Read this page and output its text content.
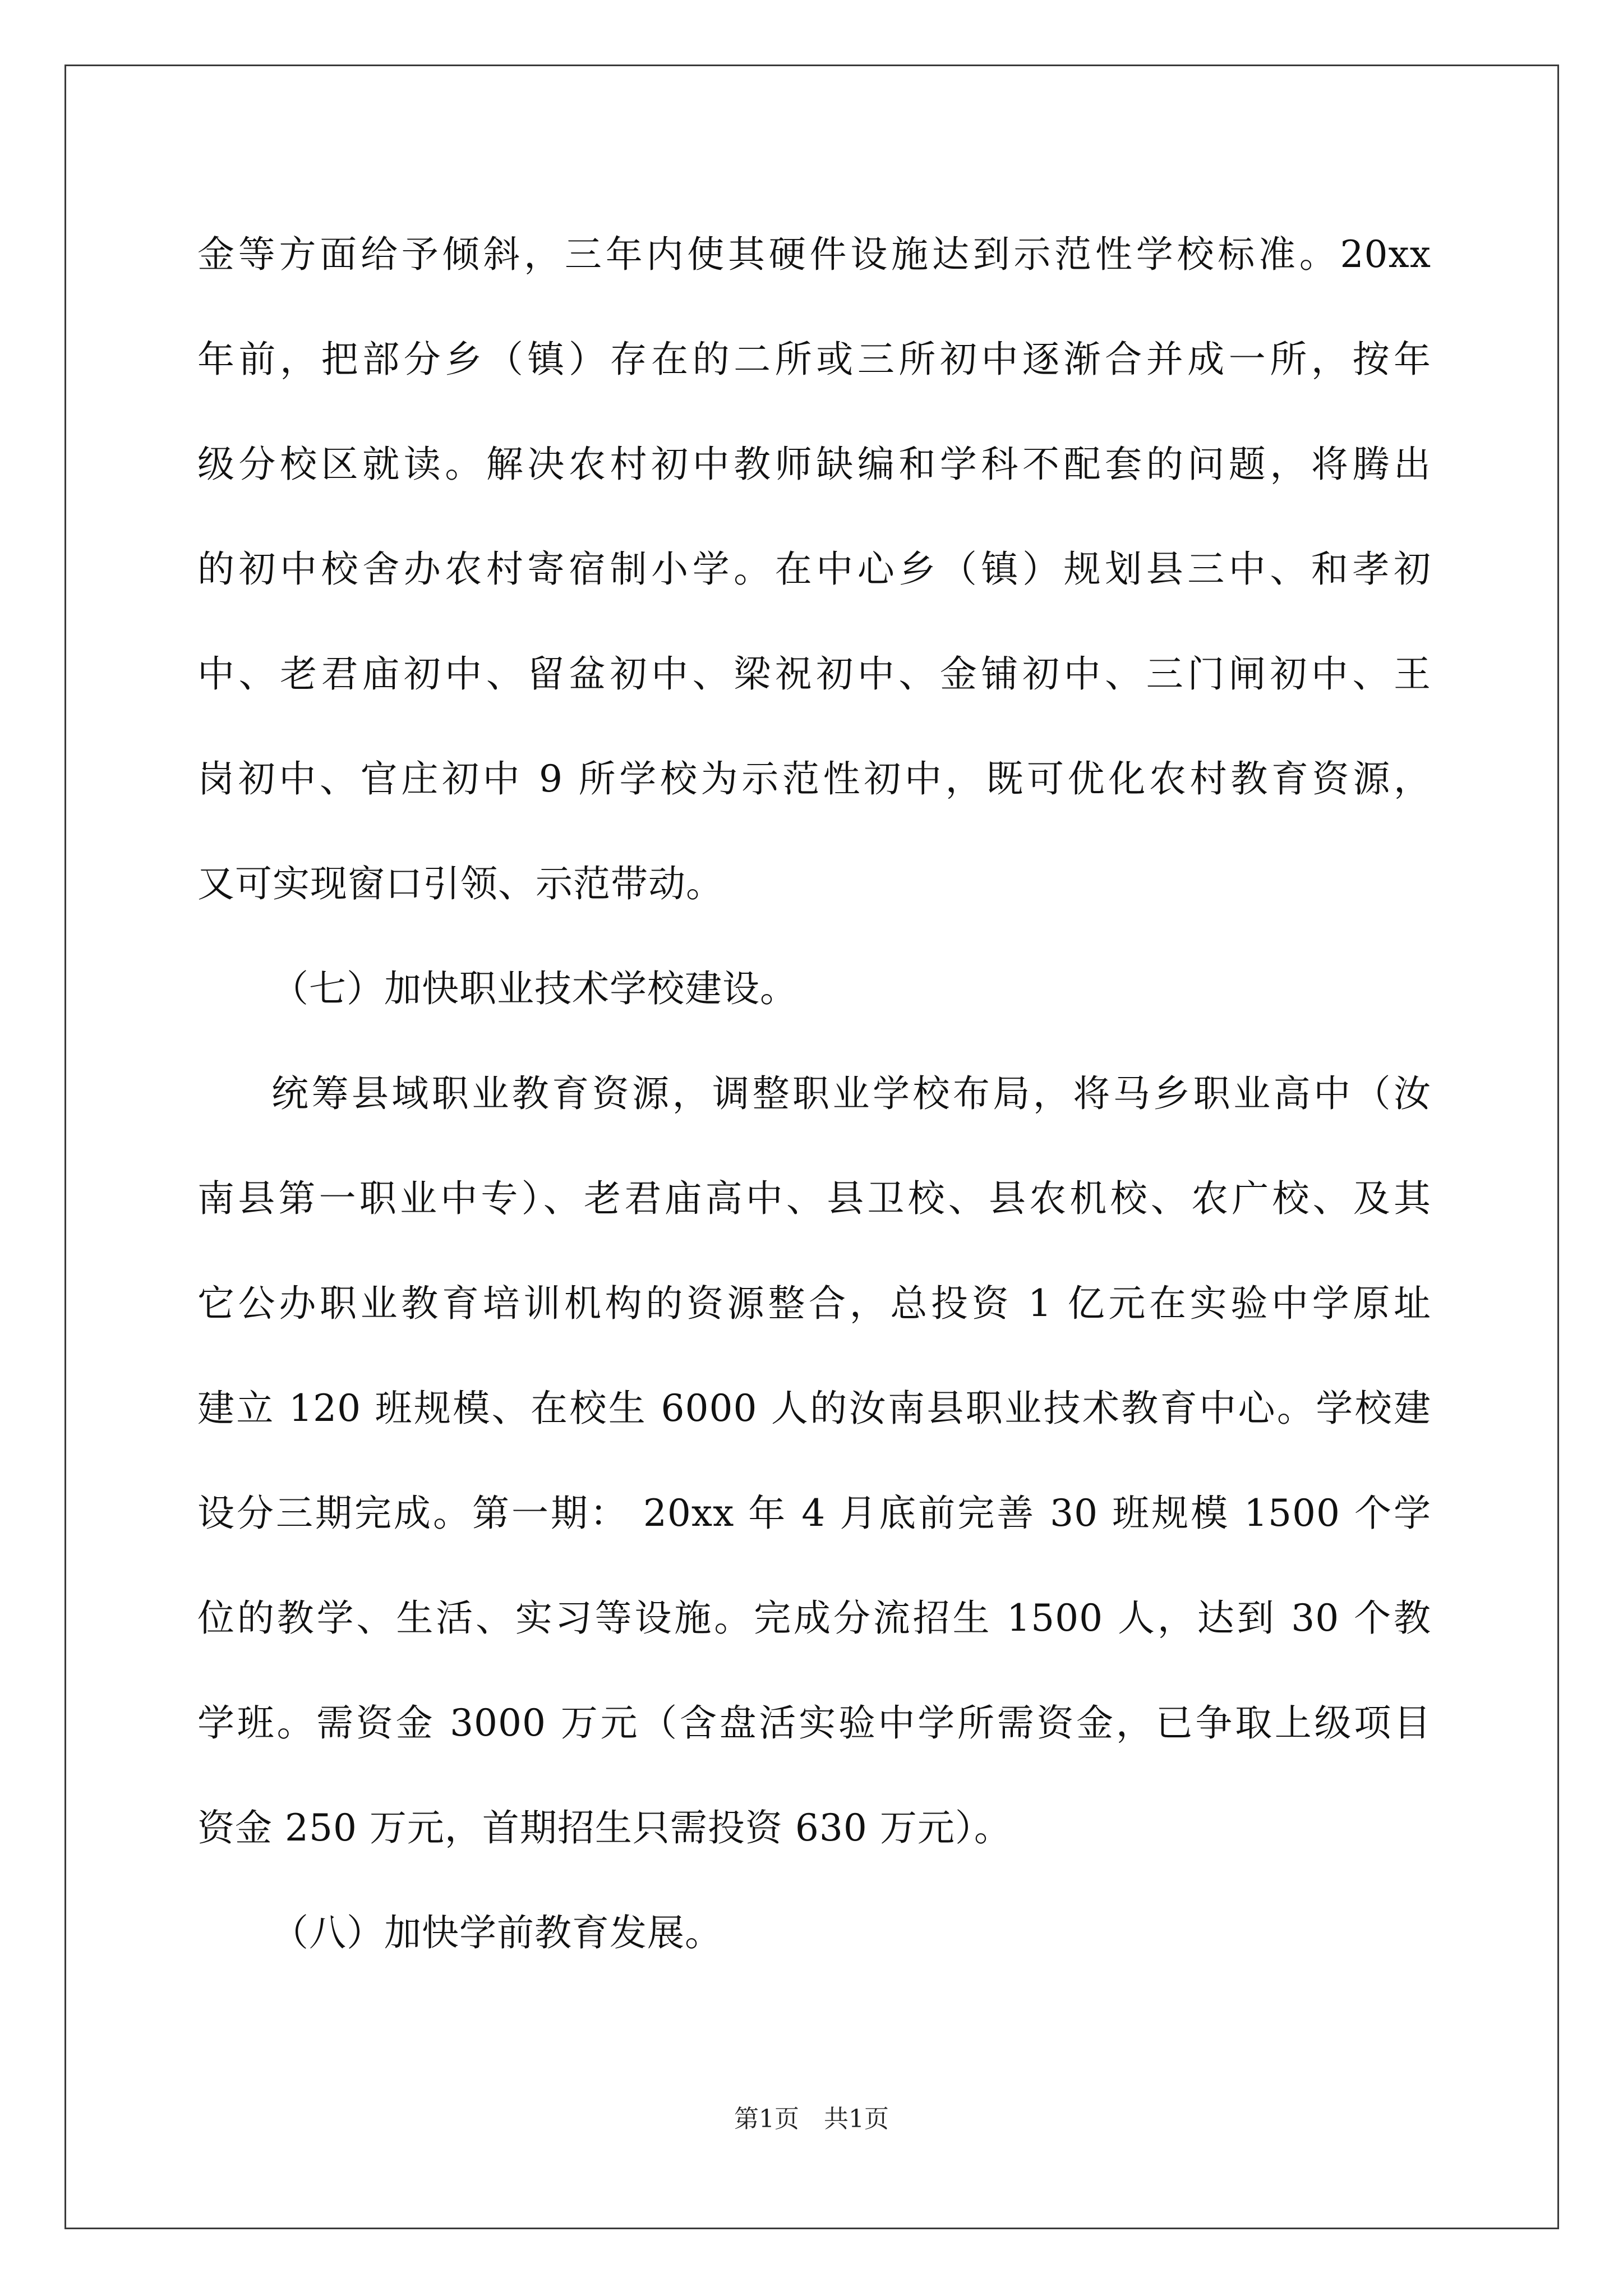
金等方面给予倾斜，三年内使其硬件设施达到示范性学校标准。20xx
年前，把部分乡（镇）存在的二所或三所初中逐渐合并成一所，按年
级分校区就读。解决农村初中教师缺编和学科不配套的问题，将腾出
的初中校舍办农村寄宿制小学。在中心乡（镇）规划县三中、和孝初
中、老君庙初中、留盆初中、梁祝初中、金铺初中、三门闸初中、王
岗初中、官庄初中 9 所学校为示范性初中，既可优化农村教育资源，
又可实现窗口引领、示范带动。
（七）加快职业技术学校建设。
统筹县域职业教育资源，调整职业学校布局，将马乡职业高中（汝
南县第一职业中专）、老君庙高中、县卫校、县农机校、农广校、及其
它公办职业教育培训机构的资源整合，总投资 1 亿元在实验中学原址
建立 120 班规模、在校生 6000 人的汝南县职业技术教育中心。学校建
设分三期完成。第一期： 20xx 年 4 月底前完善 30 班规模 1500 个学
位的教学、生活、实习等设施。完成分流招生 1500 人，达到 30 个教
学班。需资金 3000 万元（含盘活实验中学所需资金，已争取上级项目
资金 250 万元，首期招生只需投资 630 万元）。
（八）加快学前教育发展。
第1页　共1页
